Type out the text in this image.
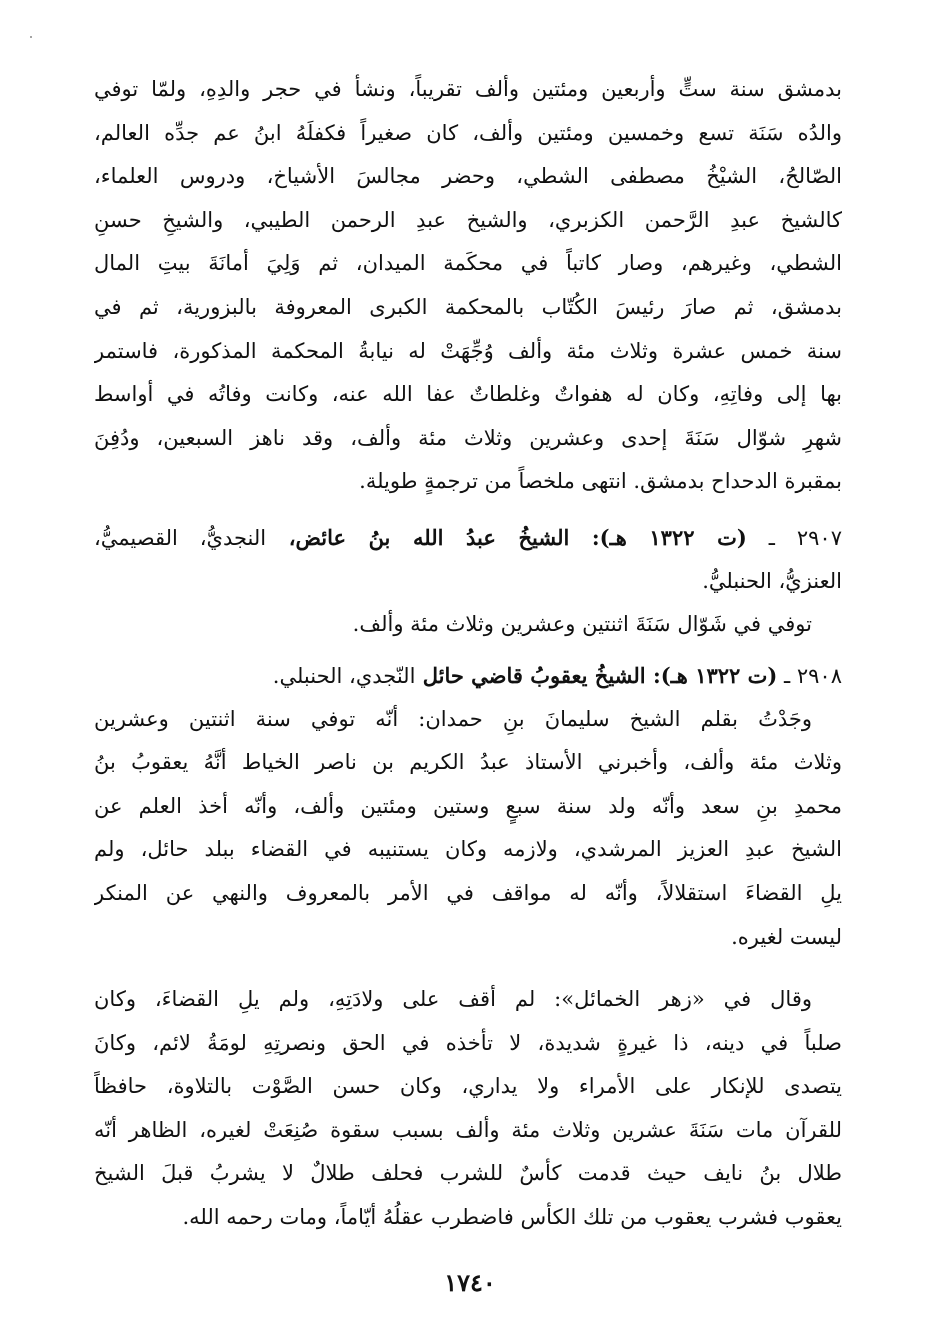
بدمشق سنة ستٍّ وأربعين ومئتين وألف تقريباً، ونشأ في حجر والدِهِ، ولمّا توفي
والدُه سَنَة تسع وخمسين ومئتين وألف، كان صغيراً فكفلَهُ ابنُ عم جدِّه العالم،
الصّالحُ، الشيْخُ مصطفى الشطي، وحضر مجالسَ الأشياخ، ودروس العلماء،
كالشيخ عبدِ الرَّحمن الكزبري، والشيخ عبدِ الرحمن الطيبي، والشيخِ حسنِ
الشطي، وغيرهم، وصار كاتباً في محكَمة الميدان، ثم وَلِيَ أمانَةَ بيتِ المال
بدمشق، ثم صارَ رئيسَ الكُتّاب بالمحكمة الكبرى المعروفة بالبزورية، ثم في
سنة خمس عشرة وثلاث مئة وألف وُجِّهَتْ له نيابةُ المحكمة المذكورة، فاستمر
بها إلى وفاتِهِ، وكان له هفواتٌ وغلطاتٌ عفا الله عنه، وكانت وفاتُه في أواسط
شهرِ شوّال سَنَةَ إحدى وعشرين وثلاث مئة وألف، وقد ناهز السبعين، ودُفِنَ
بمقبرة الدحداح بدمشق. انتهى ملخصاً من ترجمةٍ طويلة.
٢٩٠٧ ـ (ت ١٣٢٢ هـ): الشيخُ عبدُ الله بنُ عائض، النجديُّ، القصيميُّ،
العنزيُّ، الحنبليُّ.
توفي في شَوّال سَنَةَ اثنتين وعشرين وثلاث مئة وألف.
٢٩٠٨ ـ (ت ١٣٢٢ هـ): الشيخُ يعقوبُ قاضي حائل النّجدي، الحنبلي.
وجَدْتُ بقلم الشيخ سليمانَ بنِ حمدان: أنّه توفي سنة اثنتين وعشرين
وثلاث مئة وألف، وأخبرني الأستاذ عبدُ الكريم بن ناصر الخياط أنَّهُ يعقوبُ بنُ
محمدِ بنِ سعد وأنّه ولد سنة سبعٍ وستين ومئتين وألف، وأنّه أخذ العلم عن
الشيخ عبدِ العزيز المرشدي، ولازمه وكان يستنيبه في القضاء ببلد حائل، ولم
يلِ القضاءَ استقلالاً، وأنّه له مواقف في الأمر بالمعروف والنهي عن المنكر
ليست لغيره.
وقال في «زهر الخمائل»: لم أقف على ولادَتِهِ، ولم يلِ القضاءَ، وكان
صلباً في دينه، ذا غيرةٍ شديدة، لا تأخذه في الحق ونصرتِهِ لومَةُ لائم، وكانَ
يتصدى للإنكار على الأمراء ولا يداري، وكان حسن الصَّوْت بالتلاوة، حافظاً
للقرآن مات سَنَةَ عشرين وثلاث مئة وألف بسبب سقوة صُنِعَتْ لغيره، الظاهر أنّه
طلال بنُ نايف حيث قدمت كأسٌ للشرب فحلف طلالٌ لا يشربُ قبلَ الشيخ
يعقوب فشرب يعقوب من تلك الكأس فاضطرب عقلُهُ أيّاماً، ومات رحمه الله.
١٧٤٠
